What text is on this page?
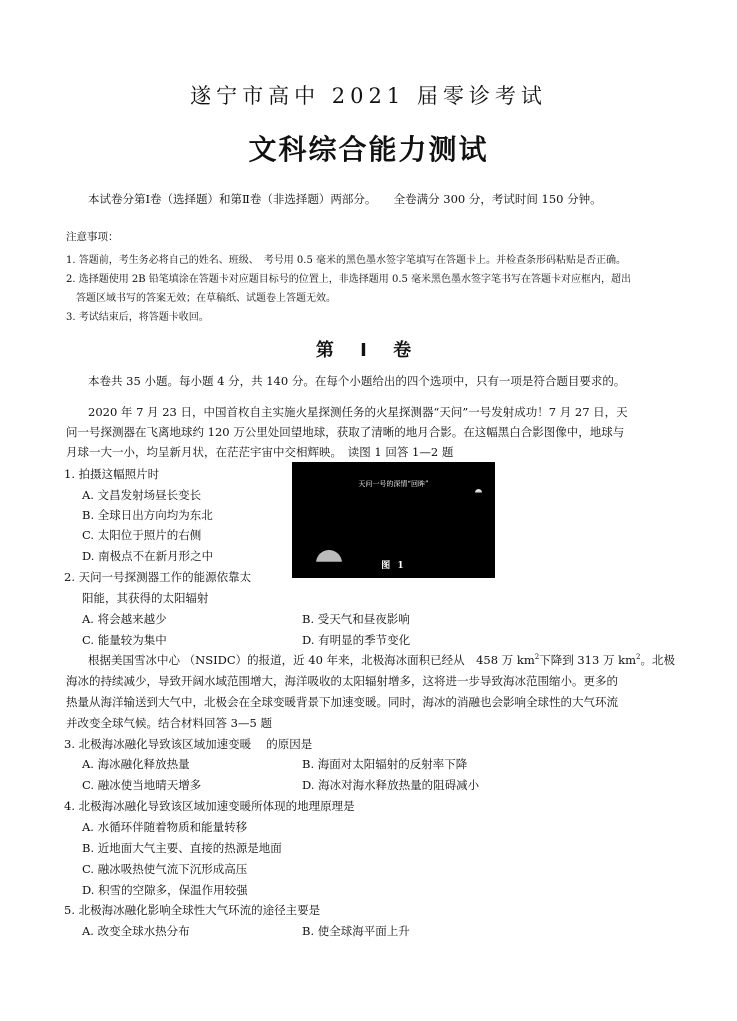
遂宁市高中 2021 届零诊考试
文科综合能力测试
本试卷分第Ⅰ卷（选择题）和第Ⅱ卷（非选择题）两部分。　　全卷满分 300 分，考试时间 150 分钟。
注意事项：
1. 答题前，考生务必将自己的姓名、班级、　考号用 0.5 毫米的黑色墨水签字笔填写在答题卡上。并检查条形码粘贴是否正确。
2. 选择题使用 2B 铅笔填涂在答题卡对应题目标号的位置上，非选择题用 0.5 毫米黑色墨水签字笔书写在答题卡对应框内，超出
　答题区域书写的答案无效；在草稿纸、试题卷上答题无效。
3. 考试结束后，将答题卡收回。
第 Ⅰ 卷
本卷共 35 小题。每小题 4 分，共 140 分。在每个小题给出的四个选项中，只有一项是符合题目要求的。
2020 年 7 月 23 日，中国首枚自主实施火星探测任务的火星探测器“天问”一号发射成功！7 月 27 日，天
问一号探测器在飞离地球约 120 万公里处回望地球，获取了清晰的地月合影。在这幅黑白合影图像中，地球与
月球一大一小，均呈新月状，在茫茫宇宙中交相辉映。　读图 1 回答 1—2 题
1. 拍摄这幅照片时
A. 文昌发射场昼长变长
B. 全球日出方向均为东北
C. 太阳位于照片的右侧
D. 南极点不在新月形之中
天问一号的深情“回眸”
图 1
2. 天问一号探测器工作的能源依靠太
阳能，其获得的太阳辐射
A. 将会越来越少	B. 受天气和昼夜影响
C. 能量较为集中	D. 有明显的季节变化
根据美国雪冰中心 （NSIDC）的报道，近 40 年来，北极海冰面积已经从　458 万 $km^2$下降到 313 万 $km^2$。北极
海冰的持续减少，导致开阔水域范围增大，海洋吸收的太阳辐射增多，这将进一步导致海冰范围缩小。更多的
热量从海洋输送到大气中，北极会在全球变暖背景下加速变暖。同时，海冰的消融也会影响全球性的大气环流
并改变全球气候。结合材料回答 3—5 题
3. 北极海冰融化导致该区域加速变暖　 的原因是
A. 海冰融化释放热量	B. 海面对太阳辐射的反射率下降
C. 融冰使当地晴天增多	D. 海冰对海水释放热量的阻碍减小
4. 北极海冰融化导致该区域加速变暖所体现的地理原理是
A. 水循环伴随着物质和能量转移
B. 近地面大气主要、直接的热源是地面
C. 融冰吸热使气流下沉形成高压
D. 积雪的空隙多，保温作用较强
5. 北极海冰融化影响全球性大气环流的途径主要是
A. 改变全球水热分布	B. 使全球海平面上升
